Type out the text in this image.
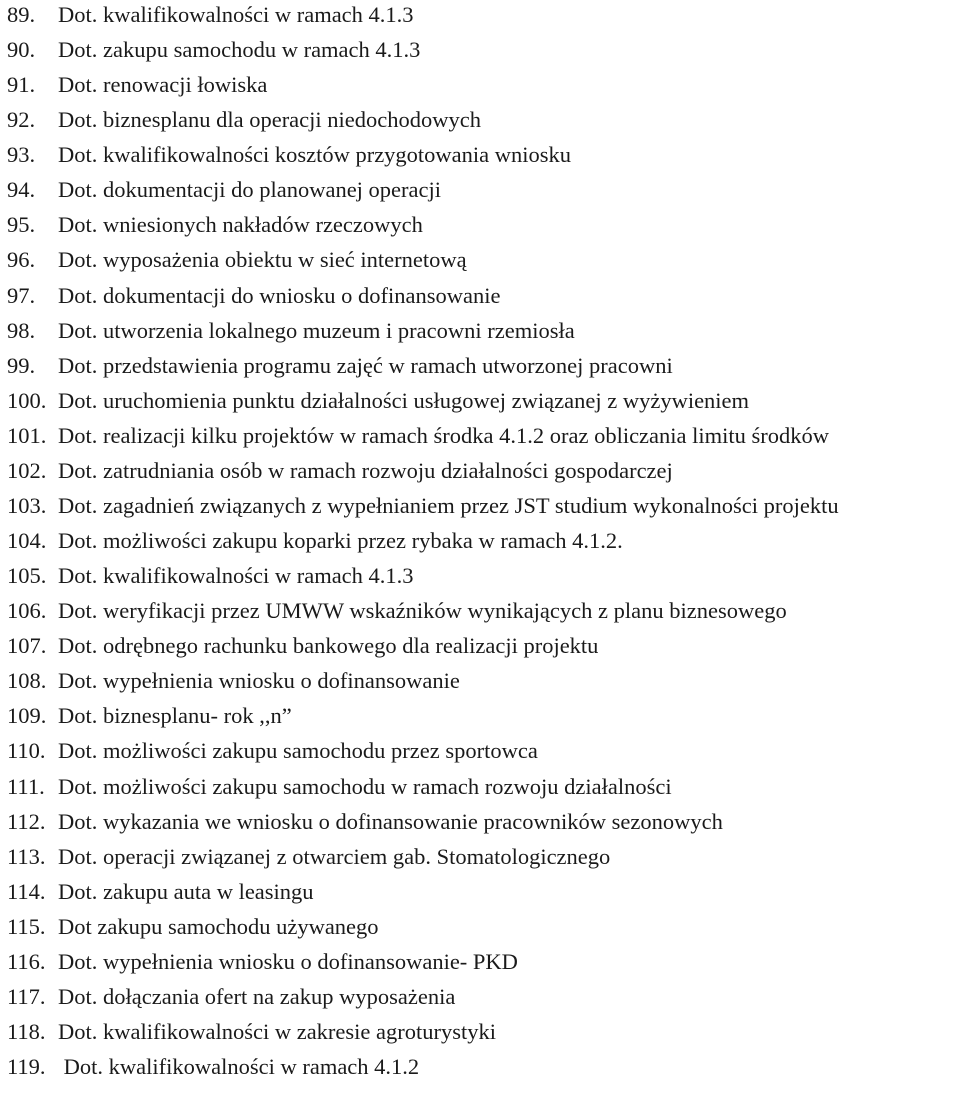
89. Dot. kwalifikowalności w ramach 4.1.3
90. Dot. zakupu samochodu w ramach 4.1.3
91. Dot. renowacji łowiska
92. Dot. biznesplanu dla operacji niedochodowych
93. Dot. kwalifikowalności kosztów przygotowania wniosku
94. Dot. dokumentacji do planowanej operacji
95. Dot. wniesionych nakładów rzeczowych
96. Dot. wyposażenia obiektu w sieć internetową
97. Dot. dokumentacji do wniosku o dofinansowanie
98. Dot. utworzenia lokalnego muzeum i pracowni rzemiosła
99. Dot. przedstawienia programu zajęć w ramach utworzonej pracowni
100. Dot. uruchomienia punktu działalności usługowej związanej z wyżywieniem
101. Dot. realizacji kilku projektów w ramach środka 4.1.2 oraz obliczania limitu środków
102. Dot. zatrudniania osób w ramach rozwoju działalności gospodarczej
103. Dot. zagadnień związanych z wypełnianiem przez JST studium wykonalności projektu
104. Dot. możliwości zakupu koparki przez rybaka w ramach 4.1.2.
105. Dot. kwalifikowalności w ramach 4.1.3
106. Dot. weryfikacji przez UMWW wskaźników wynikających z planu biznesowego
107. Dot. odrębnego rachunku bankowego dla realizacji projektu
108. Dot. wypełnienia wniosku o dofinansowanie
109. Dot. biznesplanu- rok ,,n”
110. Dot. możliwości zakupu samochodu przez sportowca
111. Dot. możliwości zakupu samochodu w ramach rozwoju działalności
112. Dot. wykazania we wniosku o dofinansowanie pracowników sezonowych
113. Dot. operacji związanej z otwarciem gab. Stomatologicznego
114. Dot. zakupu auta w leasingu
115. Dot zakupu samochodu używanego
116. Dot. wypełnienia wniosku o dofinansowanie- PKD
117. Dot. dołączania ofert na zakup wyposażenia
118. Dot. kwalifikowalności w zakresie agroturystyki
119. Dot. kwalifikowalności w ramach 4.1.2
